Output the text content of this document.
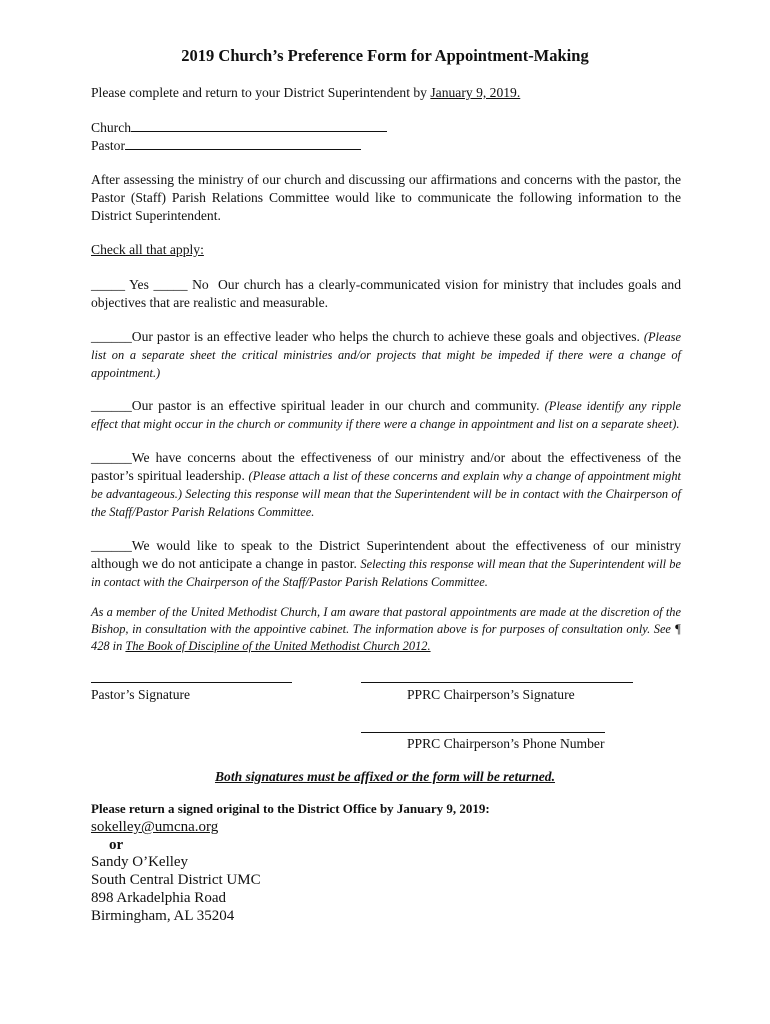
2019 Church’s Preference Form for Appointment-Making
Please complete and return to your District Superintendent by January 9, 2019.
Church
Pastor
After assessing the ministry of our church and discussing our affirmations and concerns with the pastor, the Pastor (Staff) Parish Relations Committee would like to communicate the following information to the District Superintendent.
Check all that apply:
_____ Yes _____ No Our church has a clearly-communicated vision for ministry that includes goals and objectives that are realistic and measurable.
______Our pastor is an effective leader who helps the church to achieve these goals and objectives. (Please list on a separate sheet the critical ministries and/or projects that might be impeded if there were a change of appointment.)
______Our pastor is an effective spiritual leader in our church and community. (Please identify any ripple effect that might occur in the church or community if there were a change in appointment and list on a separate sheet).
______We have concerns about the effectiveness of our ministry and/or about the effectiveness of the pastor’s spiritual leadership. (Please attach a list of these concerns and explain why a change of appointment might be advantageous.) Selecting this response will mean that the Superintendent will be in contact with the Chairperson of the Staff/Pastor Parish Relations Committee.
______We would like to speak to the District Superintendent about the effectiveness of our ministry although we do not anticipate a change in pastor. Selecting this response will mean that the Superintendent will be in contact with the Chairperson of the Staff/Pastor Parish Relations Committee.
As a member of the United Methodist Church, I am aware that pastoral appointments are made at the discretion of the Bishop, in consultation with the appointive cabinet. The information above is for purposes of consultation only. See ¶ 428 in The Book of Discipline of the United Methodist Church 2012.
Pastor’s Signature	PPRC Chairperson’s Signature
PPRC Chairperson’s Phone Number
Both signatures must be affixed or the form will be returned.
Please return a signed original to the District Office by January 9, 2019:
sokelley@umcna.org
or
Sandy O’Kelley
South Central District UMC
898 Arkadelphia Road
Birmingham, AL 35204
